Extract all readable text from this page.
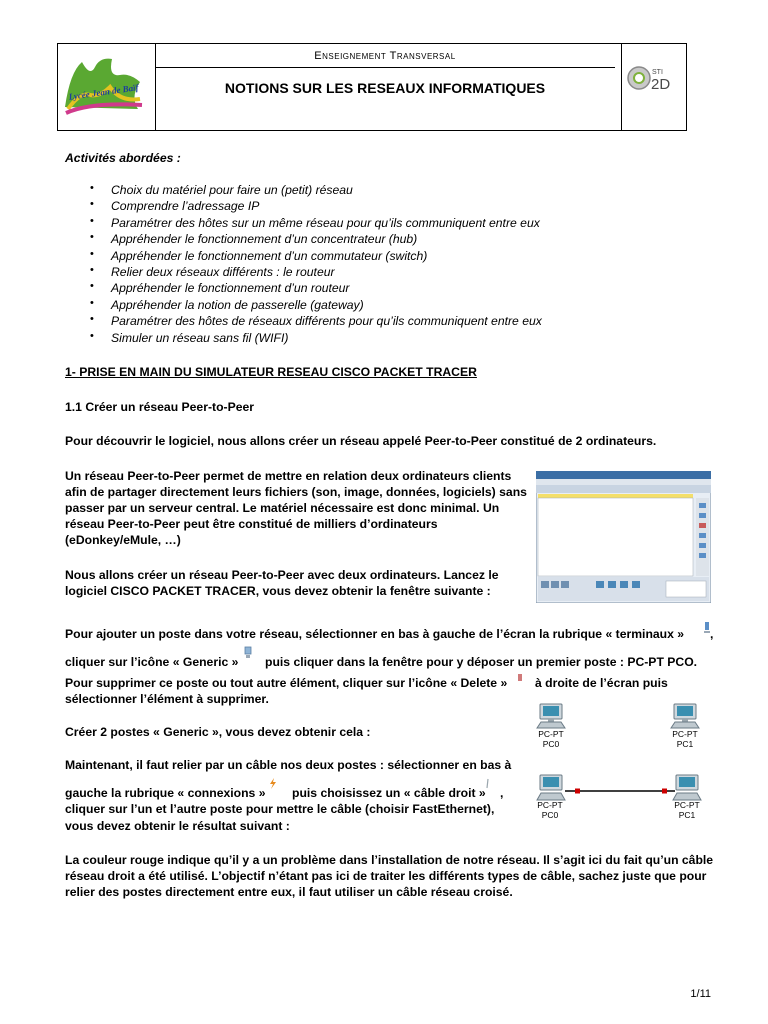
Lycée Jean de Baïf
Enseignement Transversal
NOTIONS SUR LES RESEAUX INFORMATIQUES
STI
2D
Activités abordées :
• Choix du matériel pour faire un (petit) réseau
• Comprendre l’adressage IP
• Paramétrer des hôtes sur un même réseau pour qu’ils communiquent entre eux
• Appréhender le fonctionnement d’un concentrateur (hub)
• Appréhender le fonctionnement d’un commutateur (switch)
• Relier deux réseaux différents : le routeur
• Appréhender le fonctionnement d’un routeur
• Appréhender la notion de passerelle (gateway)
• Paramétrer des hôtes de réseaux différents pour qu’ils communiquent entre eux
• Simuler un réseau sans fil (WIFI)
1- PRISE EN MAIN DU SIMULATEUR RESEAU CISCO PACKET TRACER
1.1 Créer un réseau Peer-to-Peer
Pour découvrir le logiciel, nous allons créer un réseau appelé Peer-to-Peer constitué de 2 ordinateurs.
Un réseau Peer-to-Peer permet de mettre en relation deux ordinateurs clients
afin de partager directement leurs fichiers (son, image, données, logiciels) sans
passer par un serveur central. Le matériel nécessaire est donc minimal. Un
réseau Peer-to-Peer peut être constitué de milliers d’ordinateurs
(eDonkey/eMule, …)
Nous allons créer un réseau Peer-to-Peer avec deux ordinateurs. Lancez le
logiciel CISCO PACKET TRACER, vous devez obtenir la fenêtre suivante :
Pour ajouter un poste dans votre réseau, sélectionner en bas à gauche de l’écran la rubrique « terminaux » ,
cliquer sur l’icône « Generic » puis cliquer dans la fenêtre pour y déposer un premier poste : PC-PT PCO.
Pour supprimer ce poste ou tout autre élément, cliquer sur l’icône « Delete » à droite de l’écran puis
sélectionner l’élément à supprimer.
Créer 2 postes « Generic », vous devez obtenir cela :	PC-PT
PC0
PC-PT
PC1
Maintenant, il faut relier par un câble nos deux postes : sélectionner en bas à
gauche la rubrique « connexions » puis choisissez un « câble droit » ,
cliquer sur l’un et l’autre poste pour mettre le câble (choisir FastEthernet),
vous devez obtenir le résultat suivant :
PC-PT
PC0
PC-PT
PC1
La couleur rouge indique qu’il y a un problème dans l’installation de notre réseau. Il s’agit ici du fait qu’un câble
réseau droit a été utilisé. L’objectif n’étant pas ici de traiter les différents types de câble, sachez juste que pour
relier des postes directement entre eux, il faut utiliser un câble réseau croisé.
1/11
